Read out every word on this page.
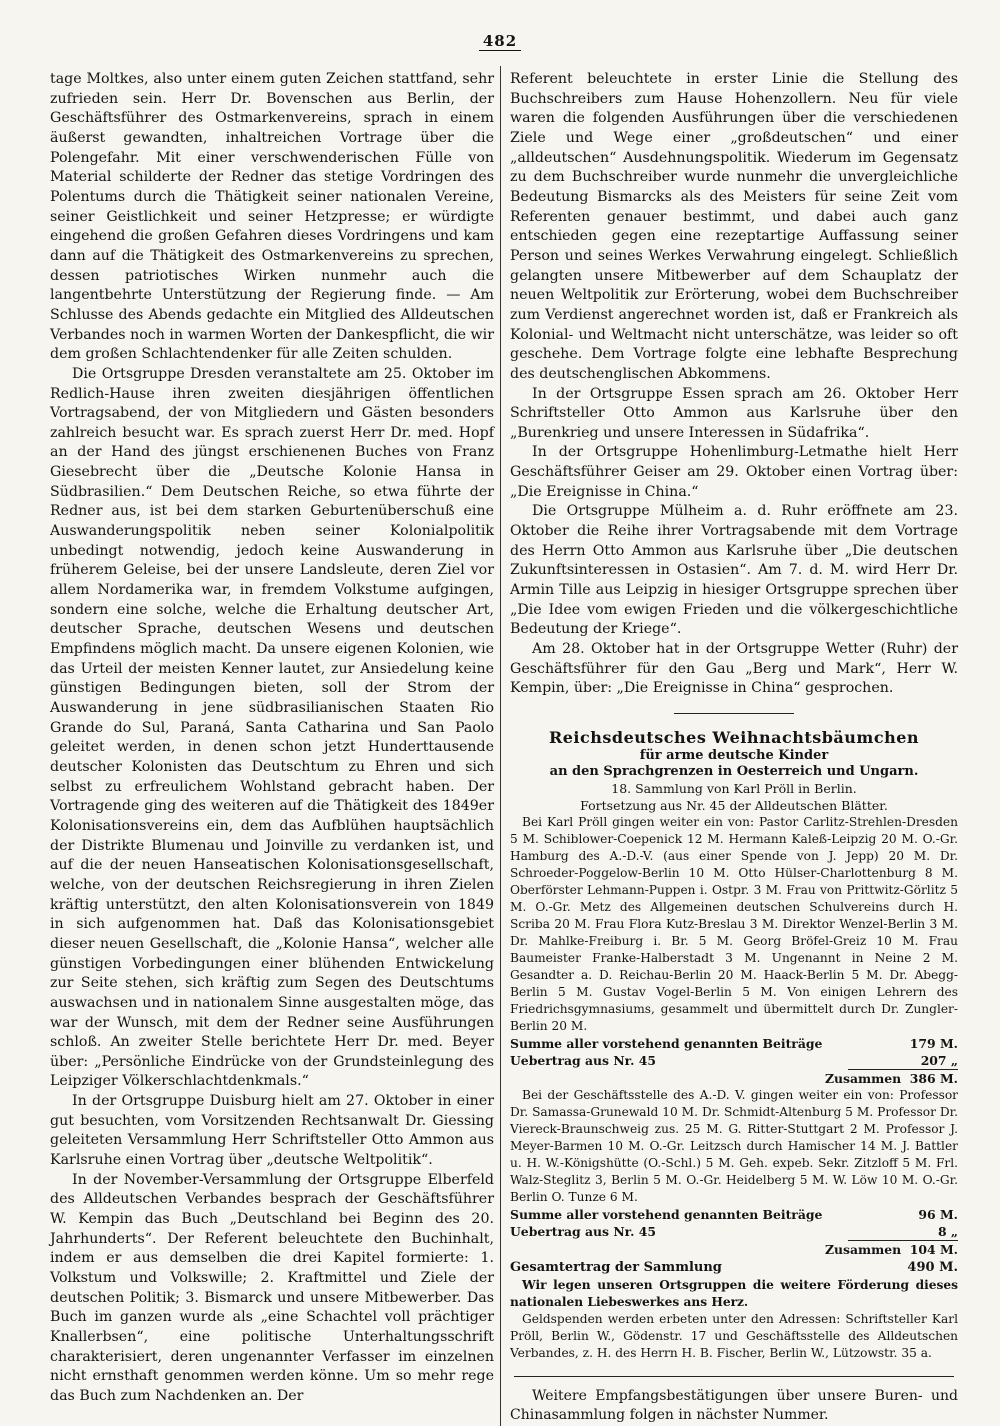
482

tage Moltkes, also unter einem guten Zeichen stattfand, sehr zufrieden sein. Herr Dr. Bovenschen aus Berlin, der Geschäftsführer des Ostmarkenvereins, sprach in einem äußerst gewandten, inhaltreichen Vortrage über die Polengefahr. Mit einer verschwenderischen Fülle von Material schilderte der Redner das stetige Vordringen des Polentums durch die Thätigkeit seiner nationalen Vereine, seiner Geistlichkeit und seiner Hetzpresse; er würdigte eingehend die großen Gefahren dieses Vordringens und kam dann auf die Thätigkeit des Ostmarkenvereins zu sprechen, dessen patriotisches Wirken nunmehr auch die langentbehrte Unterstützung der Regierung finde. — Am Schlusse des Abends gedachte ein Mitglied des Alldeutschen Verbandes noch in warmen Worten der Dankespflicht, die wir dem großen Schlachtendenker für alle Zeiten schulden.

Die Ortsgruppe Dresden veranstaltete am 25. Oktober im Redlich-Hause ihren zweiten diesjährigen öffentlichen Vortragsabend, der von Mitgliedern und Gästen besonders zahlreich besucht war. Es sprach zuerst Herr Dr. med. Hopf an der Hand des jüngst erschienenen Buches von Franz Giesebrecht über die „Deutsche Kolonie Hansa in Südbrasilien.“ Dem Deutschen Reiche, so etwa führte der Redner aus, ist bei dem starken Geburtenüberschuß eine Auswanderungspolitik neben seiner Kolonialpolitik unbedingt notwendig, jedoch keine Auswanderung in früherem Geleise, bei der unsere Landsleute, deren Ziel vor allem Nordamerika war, in fremdem Volkstume aufgingen, sondern eine solche, welche die Erhaltung deutscher Art, deutscher Sprache, deutschen Wesens und deutschen Empfindens möglich macht. Da unsere eigenen Kolonien, wie das Urteil der meisten Kenner lautet, zur Ansiedelung keine günstigen Bedingungen bieten, soll der Strom der Auswanderung in jene südbrasilianischen Staaten Rio Grande do Sul, Paraná, Santa Catharina und San Paolo geleitet werden, in denen schon jetzt Hunderttausende deutscher Kolonisten das Deutschtum zu Ehren und sich selbst zu erfreulichem Wohlstand gebracht haben. Der Vortragende ging des weiteren auf die Thätigkeit des 1849er Kolonisationsvereins ein, dem das Aufblühen hauptsächlich der Distrikte Blumenau und Joinville zu verdanken ist, und auf die der neuen Hanseatischen Kolonisationsgesellschaft, welche, von der deutschen Reichsregierung in ihren Zielen kräftig unterstützt, den alten Kolonisationsverein von 1849 in sich aufgenommen hat. Daß das Kolonisationsgebiet dieser neuen Gesellschaft, die „Kolonie Hansa“, welcher alle günstigen Vorbedingungen einer blühenden Entwickelung zur Seite stehen, sich kräftig zum Segen des Deutschtums auswachsen und in nationalem Sinne ausgestalten möge, das war der Wunsch, mit dem der Redner seine Ausführungen schloß. An zweiter Stelle berichtete Herr Dr. med. Beyer über: „Persönliche Eindrücke von der Grundsteinlegung des Leipziger Völkerschlachtdenkmals.“

In der Ortsgruppe Duisburg hielt am 27. Oktober in einer gut besuchten, vom Vorsitzenden Rechtsanwalt Dr. Giessing geleiteten Versammlung Herr Schriftsteller Otto Ammon aus Karlsruhe einen Vortrag über „deutsche Weltpolitik“.

In der November-Versammlung der Ortsgruppe Elberfeld des Alldeutschen Verbandes besprach der Geschäftsführer W. Kempin das Buch „Deutschland bei Beginn des 20. Jahrhunderts“. Der Referent beleuchtete den Buchinhalt, indem er aus demselben die drei Kapitel formierte: 1. Volkstum und Volkswille; 2. Kraftmittel und Ziele der deutschen Politik; 3. Bismarck und unsere Mitbewerber. Das Buch im ganzen wurde als „eine Schachtel voll prächtiger Knallerbsen“, eine politische Unterhaltungsschrift charakterisiert, deren ungenannter Verfasser im einzelnen nicht ernsthaft genommen werden könne. Um so mehr rege das Buch zum Nachdenken an. Der

Referent beleuchtete in erster Linie die Stellung des Buchschreibers zum Hause Hohenzollern. Neu für viele waren die folgenden Ausführungen über die verschiedenen Ziele und Wege einer „großdeutschen“ und einer „alldeutschen“ Ausdehnungspolitik. Wiederum im Gegensatz zu dem Buchschreiber wurde nunmehr die unvergleichliche Bedeutung Bismarcks als des Meisters für seine Zeit vom Referenten genauer bestimmt, und dabei auch ganz entschieden gegen eine rezeptartige Auffassung seiner Person und seines Werkes Verwahrung eingelegt. Schließlich gelangten unsere Mitbewerber auf dem Schauplatz der neuen Weltpolitik zur Erörterung, wobei dem Buchschreiber zum Verdienst angerechnet worden ist, daß er Frankreich als Kolonial- und Weltmacht nicht unterschätze, was leider so oft geschehe. Dem Vortrage folgte eine lebhafte Besprechung des deutschenglischen Abkommens.

In der Ortsgruppe Essen sprach am 26. Oktober Herr Schriftsteller Otto Ammon aus Karlsruhe über den „Burenkrieg und unsere Interessen in Südafrika“.

In der Ortsgruppe Hohenlimburg-Letmathe hielt Herr Geschäftsführer Geiser am 29. Oktober einen Vortrag über: „Die Ereignisse in China.“

Die Ortsgruppe Mülheim a. d. Ruhr eröffnete am 23. Oktober die Reihe ihrer Vortragsabende mit dem Vortrage des Herrn Otto Ammon aus Karlsruhe über „Die deutschen Zukunftsinteressen in Ostasien“. Am 7. d. M. wird Herr Dr. Armin Tille aus Leipzig in hiesiger Ortsgruppe sprechen über „Die Idee vom ewigen Frieden und die völkergeschichtliche Bedeutung der Kriege“.

Am 28. Oktober hat in der Ortsgruppe Wetter (Ruhr) der Geschäftsführer für den Gau „Berg und Mark“, Herr W. Kempin, über: „Die Ereignisse in China“ gesprochen.

Reichsdeutsches Weihnachtsbäumchen
für arme deutsche Kinder
an den Sprachgrenzen in Oesterreich und Ungarn.
18. Sammlung von Karl Pröll in Berlin.
Fortsetzung aus Nr. 45 der Alldeutschen Blätter.

Bei Karl Pröll gingen weiter ein von: Pastor Carlitz-Strehlen-Dresden 5 M. Schiblower-Coepenick 12 M. Hermann Kaleß-Leipzig 20 M. O.-Gr. Hamburg des A.-D.-V. (aus einer Spende von J. Jepp) 20 M. Dr. Schroeder-Poggelow-Berlin 10 M. Otto Hülser-Charlottenburg 8 M. Oberförster Lehmann-Puppen i. Ostpr. 3 M. Frau von Prittwitz-Görlitz 5 M. O.-Gr. Metz des Allgemeinen deutschen Schulvereins durch H. Scriba 20 M. Frau Flora Kutz-Breslau 3 M. Direktor Wenzel-Berlin 3 M. Dr. Mahlke-Freiburg i. Br. 5 M. Georg Bröfel-Greiz 10 M. Frau Baumeister Franke-Halberstadt 3 M. Ungenannt in Neine 2 M. Gesandter a. D. Reichau-Berlin 20 M. Haack-Berlin 5 M. Dr. Abegg-Berlin 5 M. Gustav Vogel-Berlin 5 M. Von einigen Lehrern des Friedrichsgymnasiums, gesammelt und übermittelt durch Dr. Zungler-Berlin 20 M.

Summe aller vorstehend genannten Beiträge	179 M.
Uebertrag aus Nr. 45	207 „
Zusammen 386 M.

Bei der Geschäftsstelle des A.-D. V. gingen weiter ein von: Professor Dr. Samassa-Grunewald 10 M. Dr. Schmidt-Altenburg 5 M. Professor Dr. Viereck-Braunschweig zus. 25 M. G. Ritter-Stuttgart 2 M. Professor J. Meyer-Barmen 10 M. O.-Gr. Leitzsch durch Hamischer 14 M. J. Battler u. H. W.-Königshütte (O.-Schl.) 5 M. Geh. expeb. Sekr. Zitzloff 5 M. Frl. Walz-Steglitz 3, Berlin 5 M. O.-Gr. Heidelberg 5 M. W. Löw 10 M. O.-Gr. Berlin O. Tunze 6 M.

Summe aller vorstehend genannten Beiträge	96 M.
Uebertrag aus Nr. 45	8 „
Zusammen 104 M.
Gesamtertrag der Sammlung	490 M.

Wir legen unseren Ortsgruppen die weitere Förderung dieses nationalen Liebeswerkes ans Herz.

Geldspenden werden erbeten unter den Adressen: Schriftsteller Karl Pröll, Berlin W., Gödenstr. 17 und Geschäftsstelle des Alldeutschen Verbandes, z. H. des Herrn H. B. Fischer, Berlin W., Lützowstr. 35 a.

Weitere Empfangsbestätigungen über unsere Buren- und Chinasammlung folgen in nächster Nummer.
